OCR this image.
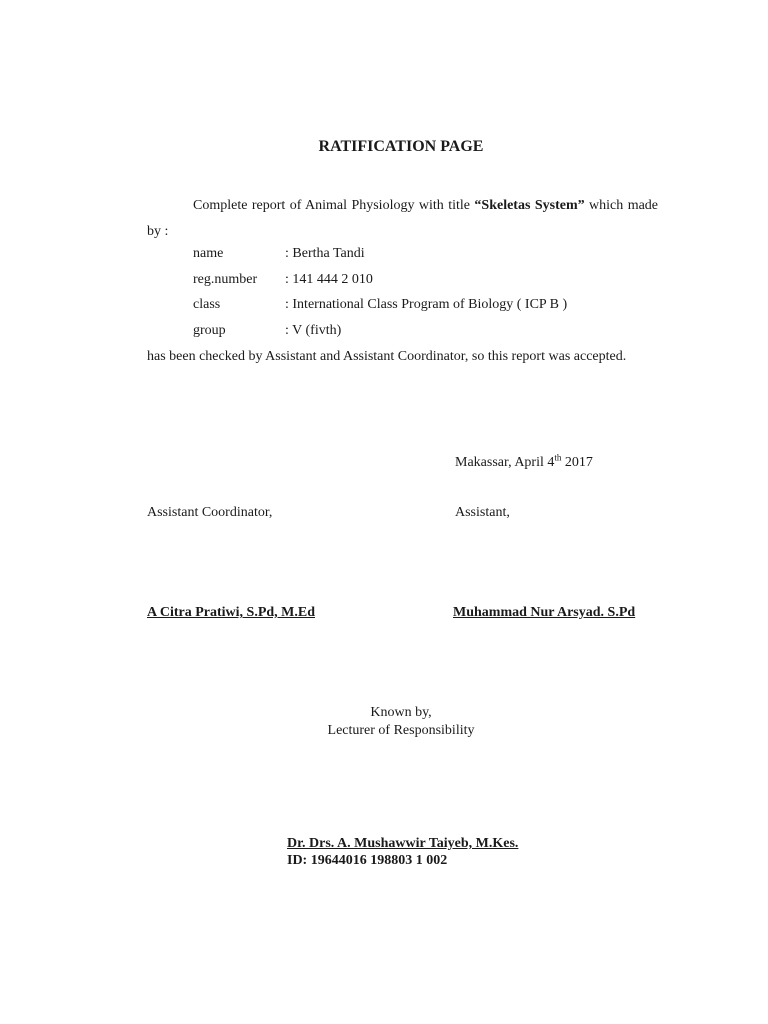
RATIFICATION PAGE
Complete report of Animal Physiology with title “Skeletas System” which made by :
name	: Bertha Tandi
reg.number : 141 444 2 010
class	: International Class Program of Biology ( ICP B )
group	: V (fivth)
has been checked by Assistant and Assistant Coordinator, so this report was accepted.
Makassar, April 4th 2017
Assistant Coordinator,	Assistant,
A Citra Pratiwi, S.Pd, M.Ed	Muhammad Nur Arsyad. S.Pd
Known by,
Lecturer of Responsibility
Dr. Drs. A. Mushawwir Taiyeb, M.Kes.
ID: 19644016 198803 1 002
